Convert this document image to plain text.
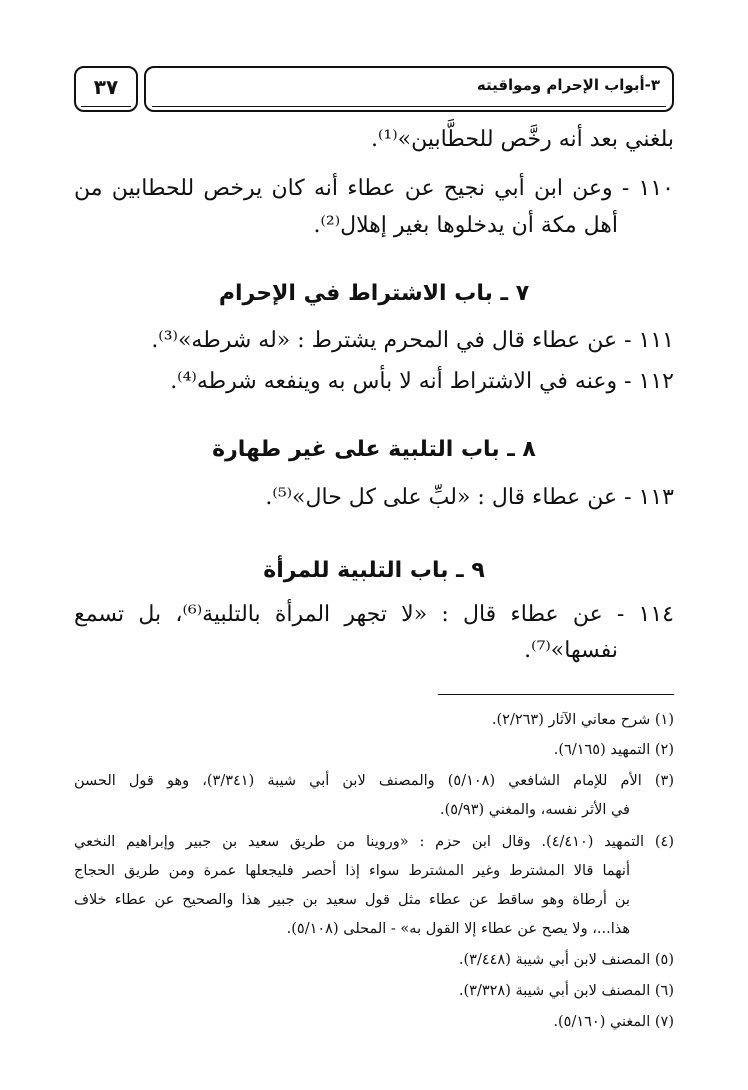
٣-أبواب الإحرام ومواقيته
٣٧
بلغني بعد أنه رخَّص للحطَّابين»⁽¹⁾.
١١٠ - وعن ابن أبي نجيح عن عطاء أنه كان يرخص للحطابين من
أهل مكة أن يدخلوها بغير إهلال⁽²⁾.
٧ ـ باب الاشتراط في الإحرام
١١١ - عن عطاء قال في المحرم يشترط : «له شرطه»⁽³⁾.
١١٢ - وعنه في الاشتراط أنه لا بأس به وينفعه شرطه⁽⁴⁾.
٨ ـ باب التلبية على غير طهارة
١١٣ - عن عطاء قال : «لبِّ على كل حال»⁽⁵⁾.
٩ ـ باب التلبية للمرأة
١١٤ - عن عطاء قال : «لا تجهر المرأة بالتلبية⁽⁶⁾، بل تسمع
نفسها»⁽⁷⁾.
(١) شرح معاني الآثار (٢/٢٦٣).
(٢) التمهيد (٦/١٦٥).
(٣) الأم للإمام الشافعي (٥/١٠٨) والمصنف لابن أبي شيبة (٣/٣٤١)، وهو قول الحسن
في الأثر نفسه، والمغني (٥/٩٣).
(٤) التمهيد (٤/٤١٠). وقال ابن حزم : «وروينا من طريق سعيد بن جبير وإبراهيم النخعي
أنهما قالا المشترط وغير المشترط سواء إذا أحصر فليجعلها عمرة ومن طريق الحجاج
بن أرطاة وهو ساقط عن عطاء مثل قول سعيد بن جبير هذا والصحيح عن عطاء خلاف
هذا...، ولا يصح عن عطاء إلا القول به» - المحلى (٥/١٠٨).
(٥) المصنف لابن أبي شيبة (٣/٤٤٨).
(٦) المصنف لابن أبي شيبة (٣/٣٢٨).
(٧) المغني (٥/١٦٠).
